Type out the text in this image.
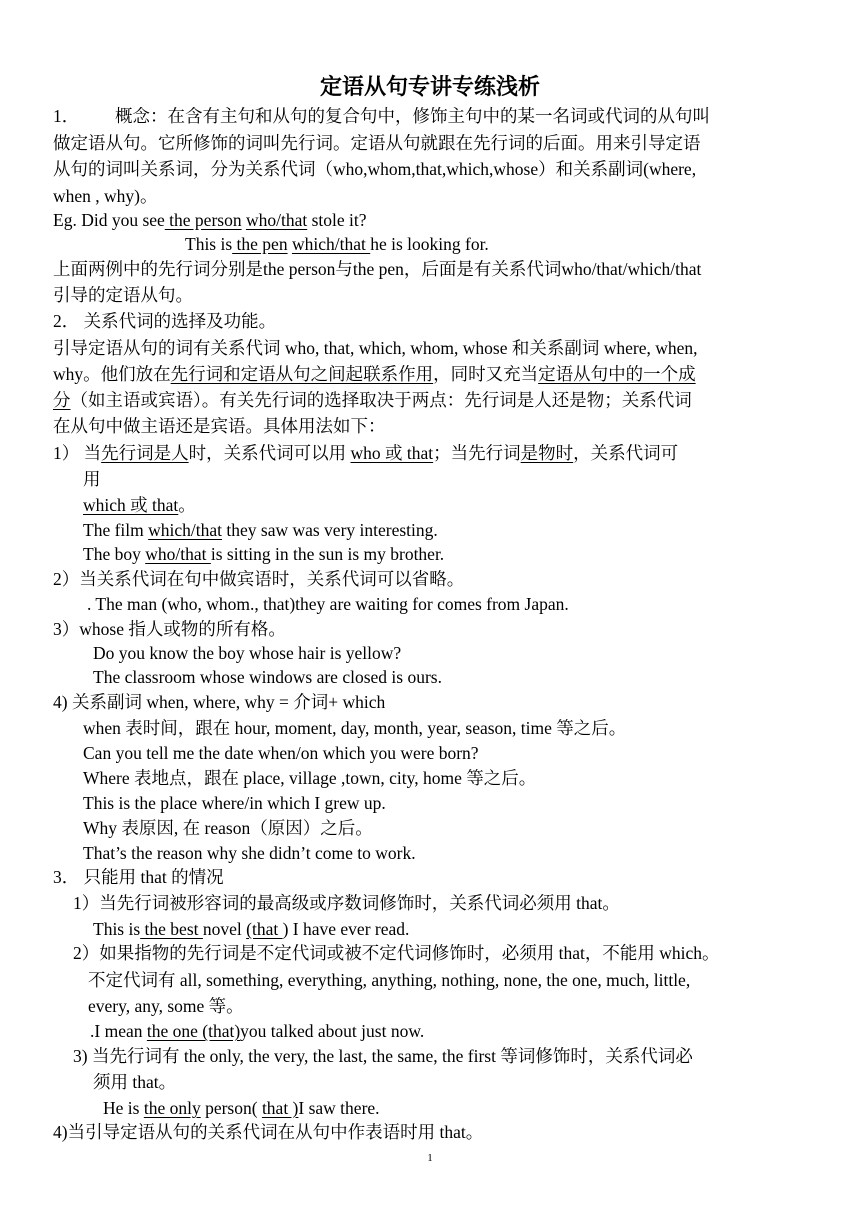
定语从句专讲专练浅析
1． 概念：在含有主句和从句的复合句中，修饰主句中的某一名词或代词的从句叫
做定语从句。它所修饰的词叫先行词。定语从句就跟在先行词的后面。用来引导定语
从句的词叫关系词，分为关系代词（who,whom,that,which,whose）和关系副词(where,
when , why)。
Eg. Did you see the person who/that stole it?
This is the pen which/that he is looking for.
上面两例中的先行词分别是the person与the pen，后面是有关系代词who/that/which/that
引导的定语从句。
2． 关系代词的选择及功能。
引导定语从句的词有关系代词 who, that, which, whom, whose 和关系副词 where, when,
why。他们放在先行词和定语从句之间起联系作用，同时又充当定语从句中的一个成
分（如主语或宾语）。有关先行词的选择取决于两点：先行词是人还是物；关系代词
在从句中做主语还是宾语。具体用法如下：
1） 当先行词是人时，关系代词可以用 who 或 that；当先行词是物时，关系代词可
用
which 或 that。
The film which/that they saw was very interesting.
The boy who/that is sitting in the sun is my brother.
2）当关系代词在句中做宾语时，关系代词可以省略。
. The man (who, whom., that)they are waiting for comes from Japan.
3）whose 指人或物的所有格。
Do you know the boy whose hair is yellow?
The classroom whose windows are closed is ours.
4) 关系副词 when, where, why = 介词+ which
when 表时间，跟在 hour, moment, day, month, year, season, time 等之后。
Can you tell me the date when/on which you were born?
Where 表地点，跟在 place, village ,town, city, home 等之后。
This is the place where/in which I grew up.
Why 表原因, 在 reason（原因）之后。
That’s the reason why she didn’t come to work.
3． 只能用 that 的情况
1）当先行词被形容词的最高级或序数词修饰时，关系代词必须用 that。
This is the best novel (that ) I have ever read.
2）如果指物的先行词是不定代词或被不定代词修饰时，必须用 that，不能用 which。
不定代词有 all, something, everything, anything, nothing, none, the one, much, little,
every, any, some 等。
.I mean the one (that)you talked about just now.
3) 当先行词有 the only, the very, the last, the same, the first 等词修饰时，关系代词必
须用 that。
He is the only person( that )I saw there.
4)当引导定语从句的关系代词在从句中作表语时用 that。
1
